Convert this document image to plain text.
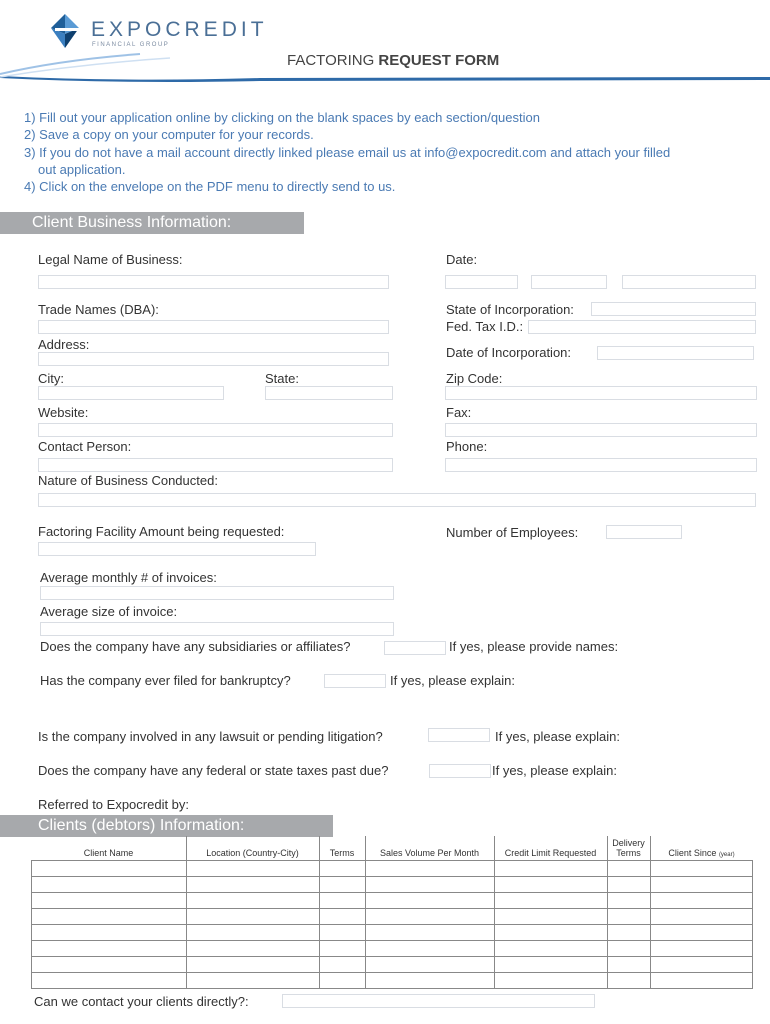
EXPOCREDIT
FINANCIAL GROUP
FACTORING REQUEST FORM
1) Fill out your application online by clicking on the blank spaces by each section/question
2) Save a copy on your computer for your records.
3) If you do not have a mail account directly linked please email us at info@expocredit.com and attach your filled
out application.
4) Click on the envelope on the PDF menu to directly send to us.
Client Business Information:
Legal Name of Business:	Date:
Trade Names (DBA):	State of Incorporation:
Fed. Tax I.D.:
Address:
Date of Incorporation:
City:	State:	Zip Code:
Website:	Fax:
Contact Person:	Phone:
Nature of Business Conducted:
Factoring Facility Amount being requested:	Number of Employees:
Average monthly # of invoices:
Average size of invoice:
Does the company have any subsidiaries or affiliates?	If yes, please provide names:
Has the company ever filed for bankruptcy?	If yes, please explain:
Is the company involved in any lawsuit or pending litigation?	If yes, please explain:
Does the company have any federal or state taxes past due?	If yes, please explain:
Referred to Expocredit by:
Clients (debtors) Information:
Client Name	Location (Country-City)	Terms	Sales Volume Per Month	Credit Limit Requested	Delivery Terms	Client Since (year)

Can we contact your clients directly?:
